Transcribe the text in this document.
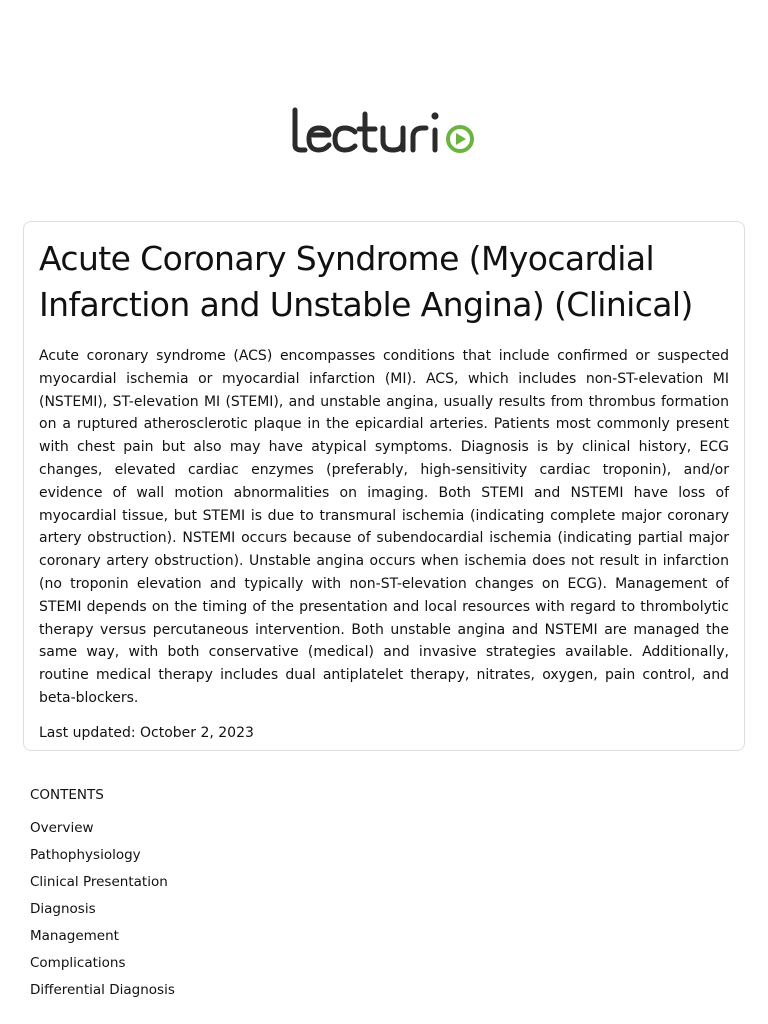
Acute Coronary Syndrome (Myocardial Infarction and Unstable Angina) (Clinical)

Acute coronary syndrome (ACS) encompasses conditions that include confirmed or suspected myocardial ischemia or myocardial infarction (MI). ACS, which includes non-ST-elevation MI (NSTEMI), ST-elevation MI (STEMI), and unstable angina, usually results from thrombus formation on a ruptured atherosclerotic plaque in the epicardial arteries. Patients most commonly present with chest pain but also may have atypical symptoms. Diagnosis is by clinical history, ECG changes, elevated cardiac enzymes (preferably, high-sensitivity cardiac troponin), and/or evidence of wall motion abnormalities on imaging. Both STEMI and NSTEMI have loss of myocardial tissue, but STEMI is due to transmural ischemia (indicating complete major coronary artery obstruction). NSTEMI occurs because of subendocardial ischemia (indicating partial major coronary artery obstruction). Unstable angina occurs when ischemia does not result in infarction (no troponin elevation and typically with non-ST-elevation changes on ECG). Management of STEMI depends on the timing of the presentation and local resources with regard to thrombolytic therapy versus percutaneous intervention. Both unstable angina and NSTEMI are managed the same way, with both conservative (medical) and invasive strategies available. Additionally, routine medical therapy includes dual antiplatelet therapy, nitrates, oxygen, pain control, and beta-blockers.

Last updated: October 2, 2023

CONTENTS
Overview
Pathophysiology
Clinical Presentation
Diagnosis
Management
Complications
Differential Diagnosis
